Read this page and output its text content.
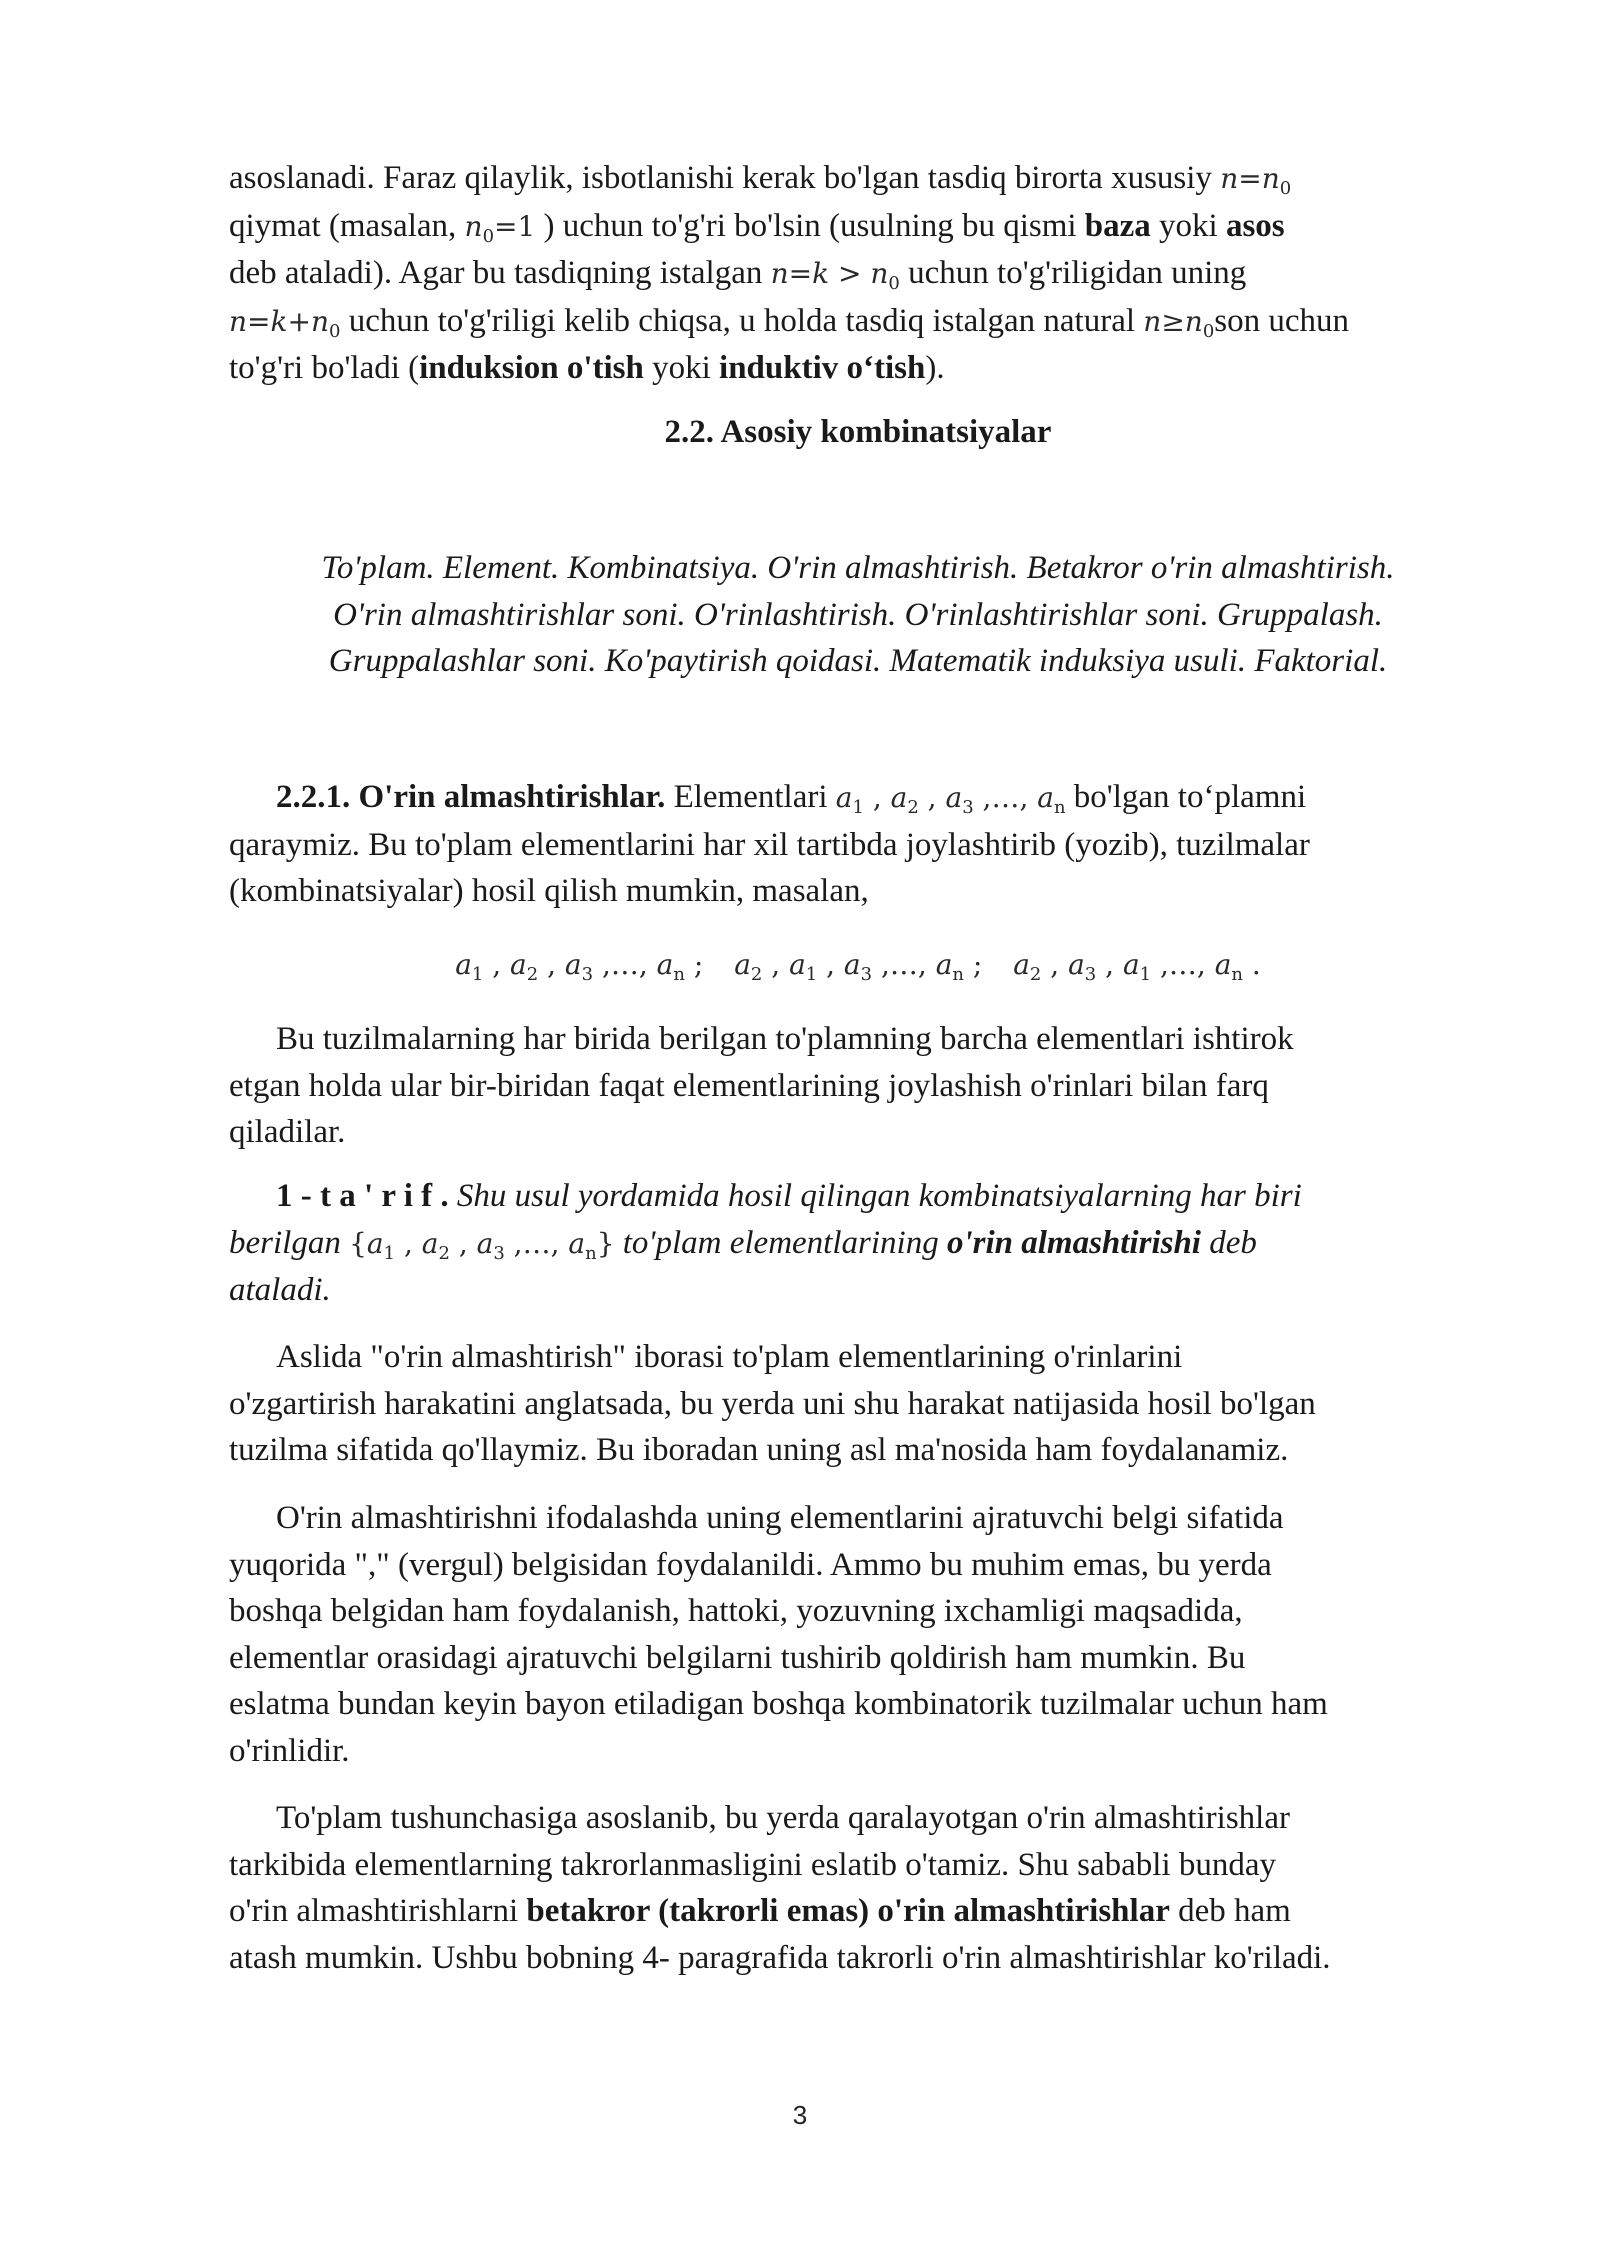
asoslanadi. Faraz qilaylik, isbotlanishi kerak bo'lgan tasdiq birorta xususiy $n=n_0$
qiymat (masalan, $n_0=1$ ) uchun to'g'ri bo'lsin (usulning bu qismi baza yoki asos
deb ataladi). Agar bu tasdiqning istalgan $n=k > n_0$ uchun to'g'riligidan uning
$n=k+n_0$ uchun to'g'riligi kelib chiqsa, u holda tasdiq istalgan natural $n\ge n_0son$ uchun
to'g'ri bo'ladi (induksion o'tish yoki induktiv o‘tish).
2.2. Asosiy kombinatsiyalar
To'plam. Element. Kombinatsiya. O'rin almashtirish. Betakror o'rin almashtirish.
O'rin almashtirishlar soni. O'rinlashtirish. O'rinlashtirishlar soni. Gruppalash.
Gruppalashlar soni. Ko'paytirish qoidasi. Matematik induksiya usuli. Faktorial.
2.2.1. O'rin almashtirishlar. Elementlari $a_1$ , $a_2$ , $a_3$ ,…, $a_n$ bo'lgan to‘plamni
qaraymiz. Bu to'plam elementlarini har xil tartibda joylashtirib (yozib), tuzilmalar
(kombinatsiyalar) hosil qilish mumkin, masalan,
$a_1$ , $a_2$ , $a_3$ ,…, $a_n$ ; $a_2$ , $a_1$ , $a_3$ ,…, $a_n$ ; $a_2$ , $a_3$ , $a_1$ ,…, $a_n$ .
Bu tuzilmalarning har birida berilgan to'plamning barcha elementlari ishtirok
etgan holda ular bir-biridan faqat elementlarining joylashish o'rinlari bilan farq
qiladilar.
1 - t a ' r i f . Shu usul yordamida hosil qilingan kombinatsiyalarning har biri
berilgan {$a_1$ , $a_2$ , $a_3$ ,…, $a_n$} to'plam elementlarining o'rin almashtirishi deb
ataladi.
Aslida "o'rin almashtirish" iborasi to'plam elementlarining o'rinlarini
o'zgartirish harakatini anglatsada, bu yerda uni shu harakat natijasida hosil bo'lgan
tuzilma sifatida qo'llaymiz. Bu iboradan uning asl ma'nosida ham foydalanamiz.
O'rin almashtirishni ifodalashda uning elementlarini ajratuvchi belgi sifatida
yuqorida "," (vergul) belgisidan foydalanildi. Ammo bu muhim emas, bu yerda
boshqa belgidan ham foydalanish, hattoki, yozuvning ixchamligi maqsadida,
elementlar orasidagi ajratuvchi belgilarni tushirib qoldirish ham mumkin. Bu
eslatma bundan keyin bayon etiladigan boshqa kombinatorik tuzilmalar uchun ham
o'rinlidir.
To'plam tushunchasiga asoslanib, bu yerda qaralayotgan o'rin almashtirishlar
tarkibida elementlarning takrorlanmasligini eslatib o'tamiz. Shu sababli bunday
o'rin almashtirishlarni betakror (takrorli emas) o'rin almashtirishlar deb ham
atash mumkin. Ushbu bobning 4- paragrafida takrorli o'rin almashtirishlar ko'riladi.
3
